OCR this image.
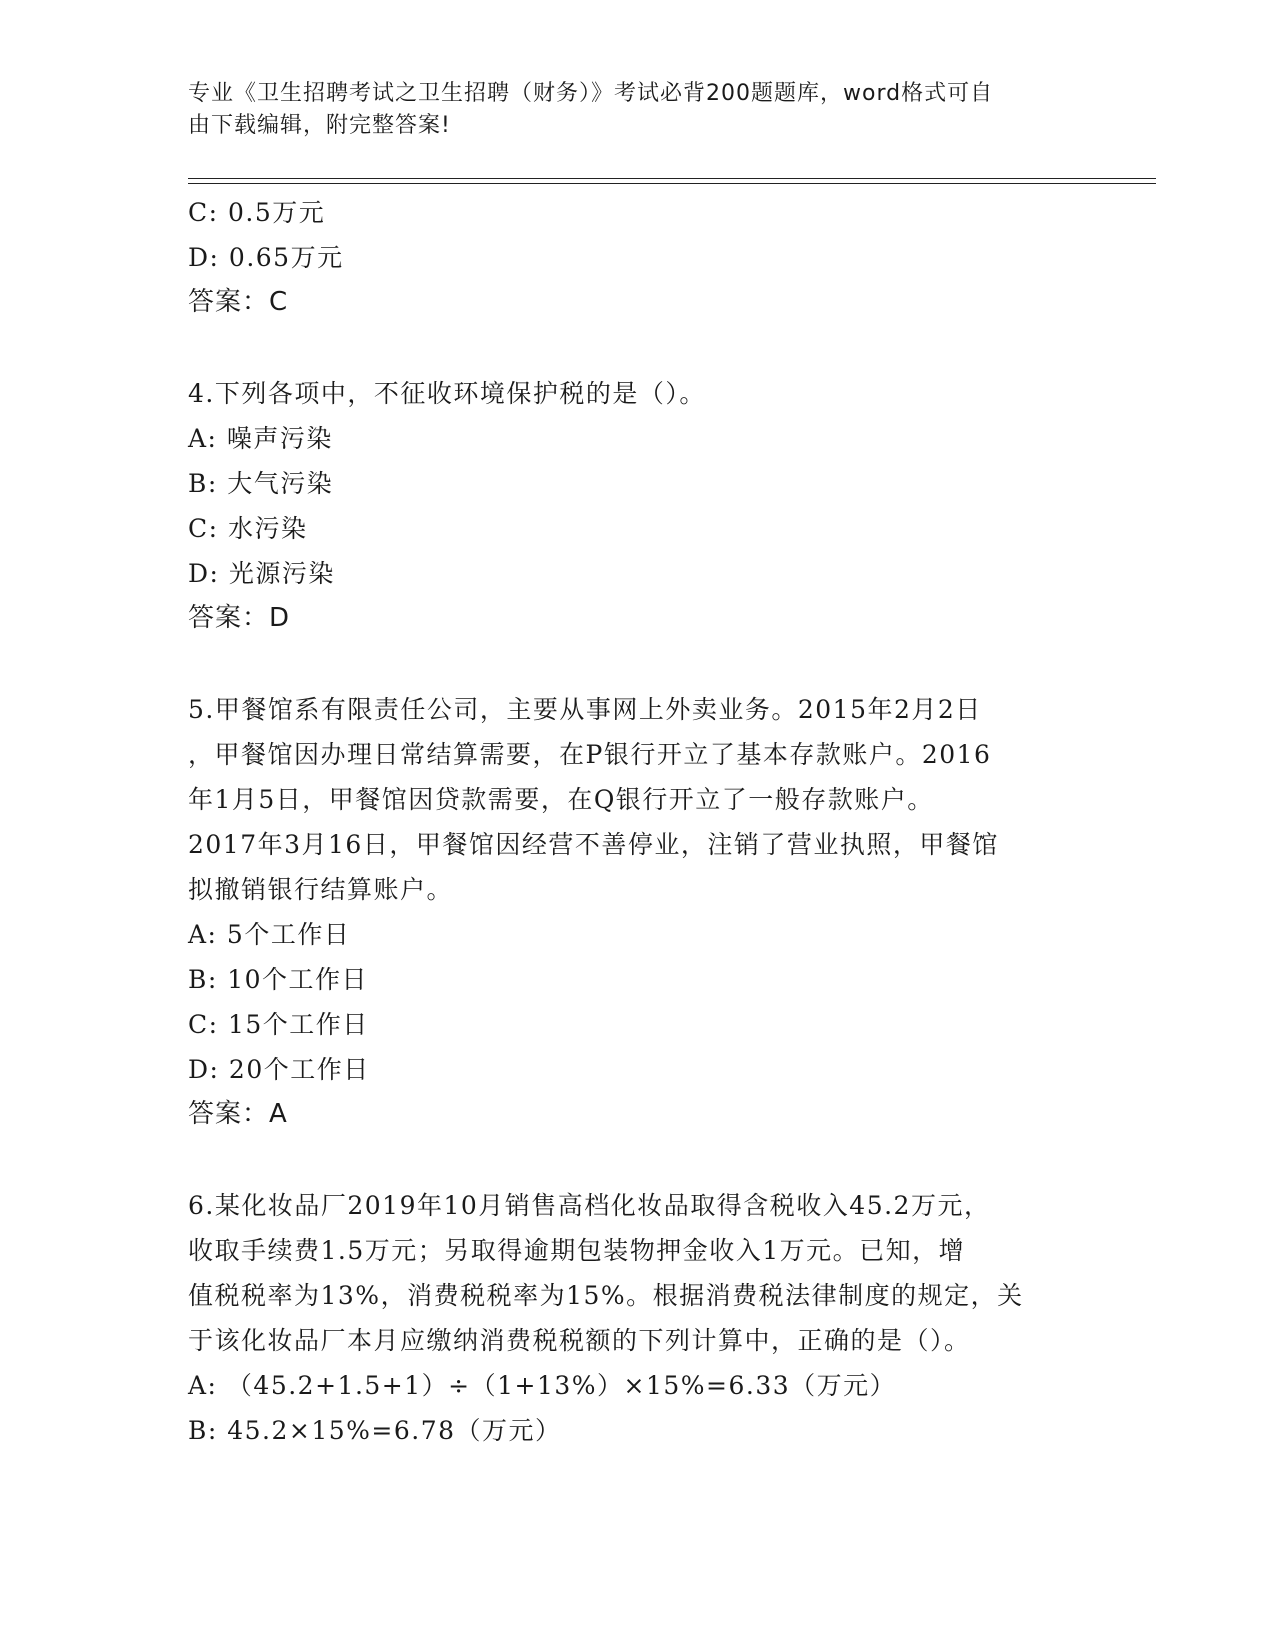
专业《卫生招聘考试之卫生招聘（财务）》考试必背200题题库，word格式可自
由下载编辑，附完整答案!
C: 0.5万元
D: 0.65万元
答案：C
4.下列各项中，不征收环境保护税的是（）。
A: 噪声污染
B: 大气污染
C: 水污染
D: 光源污染
答案：D
5.甲餐馆系有限责任公司，主要从事网上外卖业务。2015年2月2日
，甲餐馆因办理日常结算需要，在P银行开立了基本存款账户。2016
年1月5日，甲餐馆因贷款需要，在Q银行开立了一般存款账户。
2017年3月16日，甲餐馆因经营不善停业，注销了营业执照，甲餐馆
拟撤销银行结算账户。
A: 5个工作日
B: 10个工作日
C: 15个工作日
D: 20个工作日
答案：A
6.某化妆品厂2019年10月销售高档化妆品取得含税收入45.2万元，
收取手续费1.5万元；另取得逾期包装物押金收入1万元。已知，增
值税税率为13%，消费税税率为15%。根据消费税法律制度的规定，关
于该化妆品厂本月应缴纳消费税税额的下列计算中，正确的是（）。
A: （45.2+1.5+1）÷（1+13%）×15%=6.33（万元）
B: 45.2×15%=6.78（万元）
